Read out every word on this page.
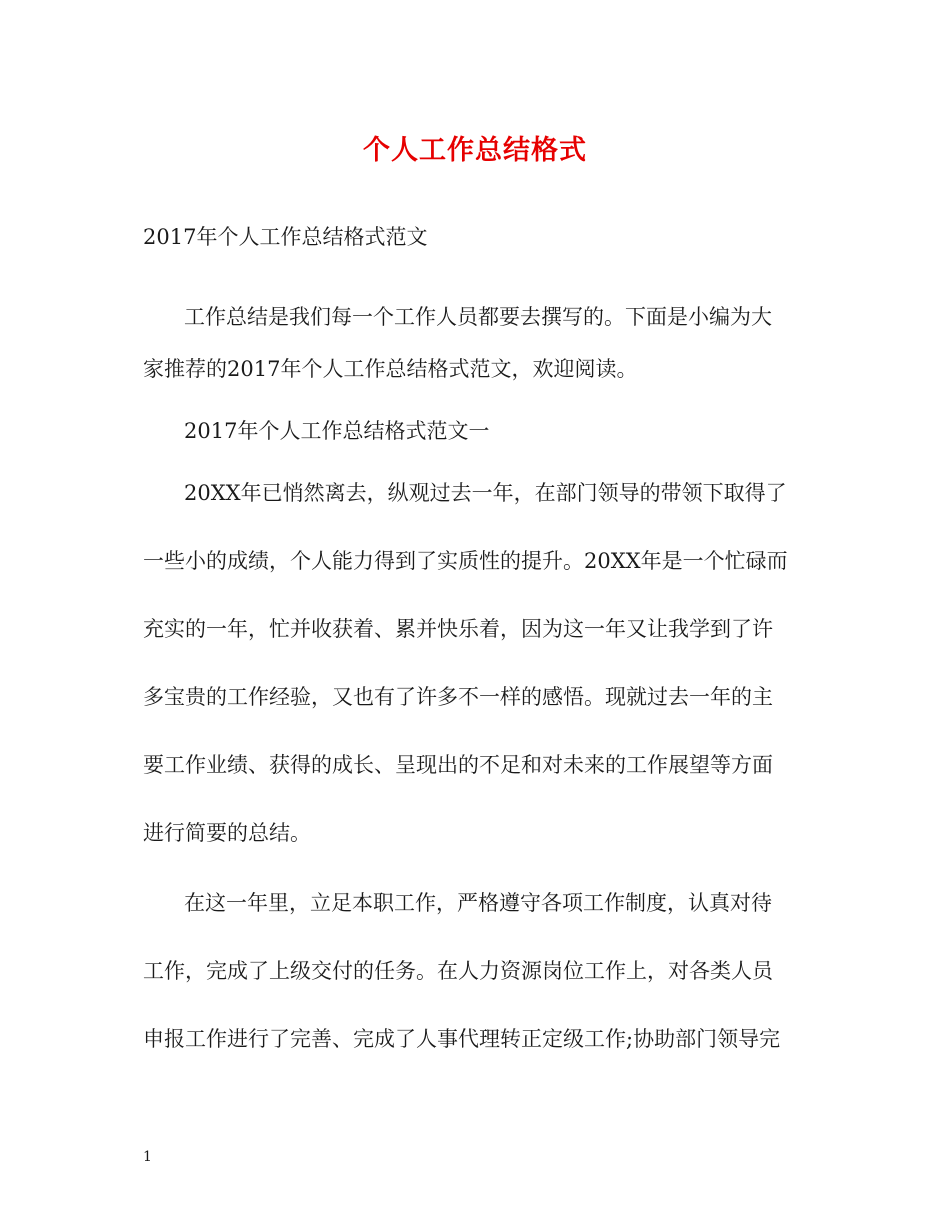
个人工作总结格式
2017年个人工作总结格式范文
工作总结是我们每一个工作人员都要去撰写的。下面是小编为大
家推荐的2017年个人工作总结格式范文，欢迎阅读。
2017年个人工作总结格式范文一
20XX年已悄然离去，纵观过去一年，在部门领导的带领下取得了
一些小的成绩，个人能力得到了实质性的提升。20XX年是一个忙碌而
充实的一年，忙并收获着、累并快乐着，因为这一年又让我学到了许
多宝贵的工作经验，又也有了许多不一样的感悟。现就过去一年的主
要工作业绩、获得的成长、呈现出的不足和对未来的工作展望等方面
进行简要的总结。
在这一年里，立足本职工作，严格遵守各项工作制度，认真对待
工作，完成了上级交付的任务。在人力资源岗位工作上，对各类人员
申报工作进行了完善、完成了人事代理转正定级工作;协助部门领导完
1
